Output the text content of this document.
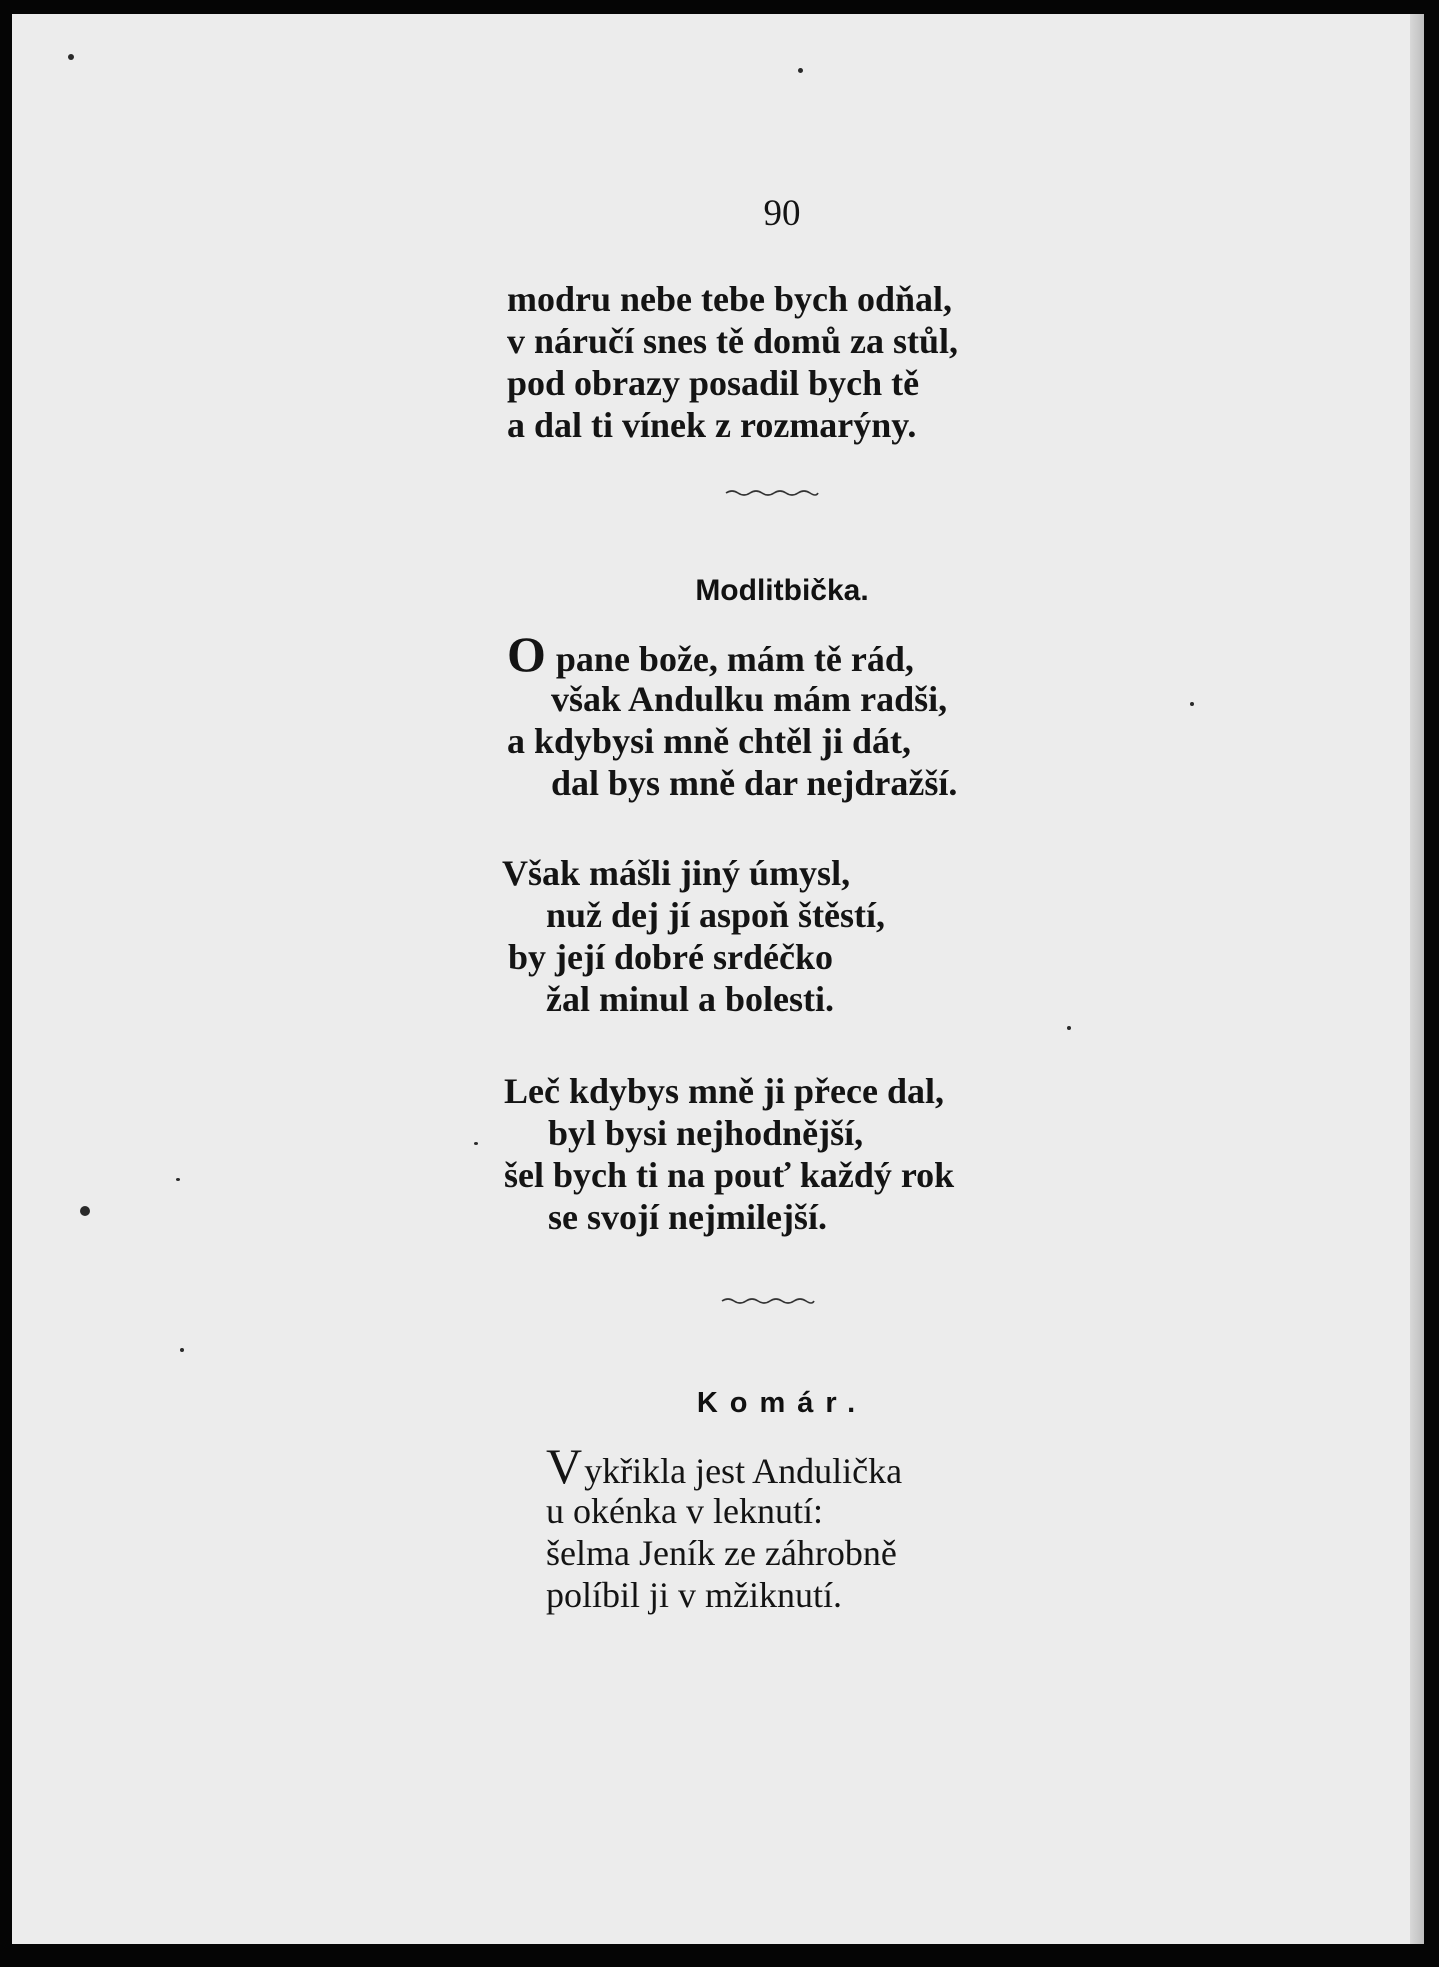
90
modru nebe tebe bych odňal,
v náručí snes tě domů za stůl,
pod obrazy posadil bych tě
a dal ti vínek z rozmarýny.
Modlitbička.
O pane bože, mám tě rád,
však Andulku mám radši,
a kdybysi mně chtěl ji dát,
dal bys mně dar nejdražší.
Však mášli jiný úmysl,
nuž dej jí aspoň štěstí,
by její dobré srdéčko
žal minul a bolesti.
Leč kdybys mně ji přece dal,
byl bysi nejhodnější,
šel bych ti na pouť každý rok
se svojí nejmilejší.
Komár.
Vykřikla jest Andulička
u okénka v leknutí:
šelma Jeník ze záhrobně
políbil ji v mžiknutí.
